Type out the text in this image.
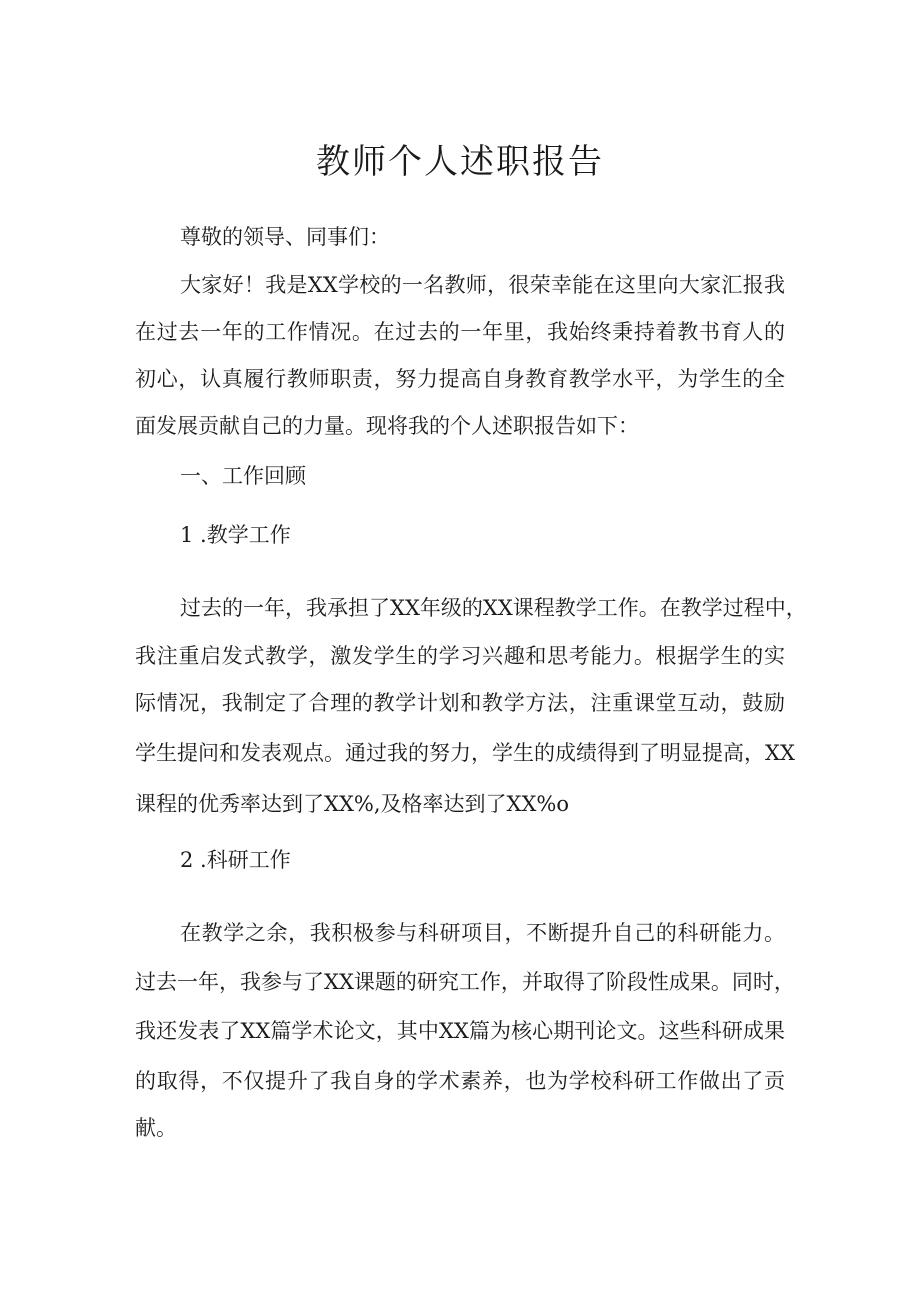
教师个人述职报告

尊敬的领导、同事们：

大家好！我是XX学校的一名教师，很荣幸能在这里向大家汇报我

在过去一年的工作情况。在过去的一年里，我始终秉持着教书育人的

初心，认真履行教师职责，努力提高自身教育教学水平，为学生的全

面发展贡献自己的力量。现将我的个人述职报告如下：

一、工作回顾

1 .教学工作

过去的一年，我承担了XX年级的XX课程教学工作。在教学过程中，

我注重启发式教学，激发学生的学习兴趣和思考能力。根据学生的实

际情况，我制定了合理的教学计划和教学方法，注重课堂互动，鼓励

学生提问和发表观点。通过我的努力，学生的成绩得到了明显提高，XX

课程的优秀率达到了XX%,及格率达到了XX%o

2 .科研工作

在教学之余，我积极参与科研项目，不断提升自己的科研能力。

过去一年，我参与了XX课题的研究工作，并取得了阶段性成果。同时，

我还发表了XX篇学术论文，其中XX篇为核心期刊论文。这些科研成果

的取得，不仅提升了我自身的学术素养，也为学校科研工作做出了贡

献。
